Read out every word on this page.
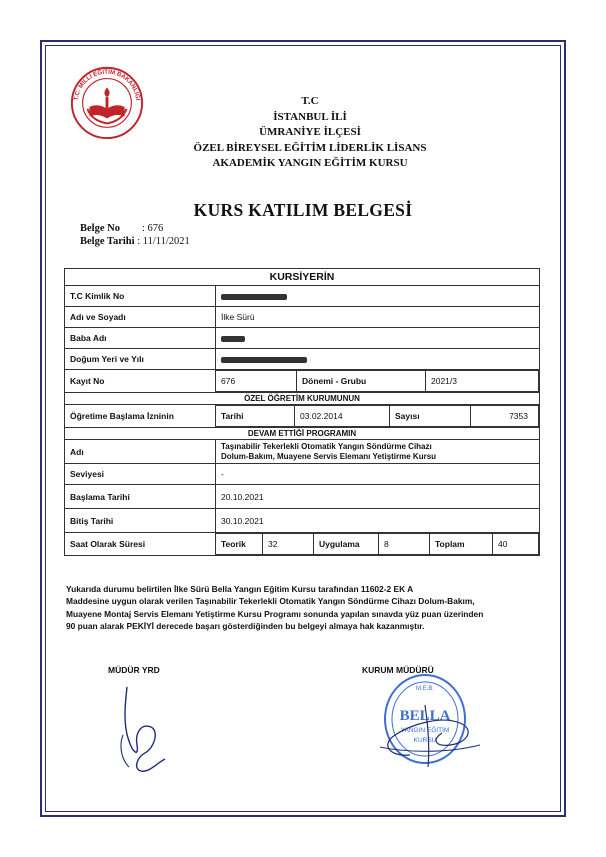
T.C. MİLLİ EĞİTİM BAKANLIĞI	T.C
İSTANBUL İLİ
ÜMRANİYE İLÇESİ
ÖZEL BİREYSEL EĞİTİM LİDERLİK LİSANS
AKADEMİK YANGIN EĞİTİM KURSU
KURS KATILIM BELGESİ
Belge No : 676
Belge Tarihi : 11/11/2021
KURSİYERİN
T.C Kimlik No	
Adı ve Soyadı	İlke Sürü
Baba Adı	
Doğum Yeri ve Yılı	
Kayıt No		676	Dönemi - Grubu	2021/3

ÖZEL ÖĞRETİM KURUMUNUN
Öğretime Başlama İzninin		Tarihi	03.02.2014	Sayısı	7353

DEVAM ETTİĞİ PROGRAMIN
Adı	
Taşınabilir Tekerlekli Otomatik Yangın Söndürme Cihazı
Dolum-Bakım, Muayene Servis Elemanı Yetiştirme Kursu

Seviyesi	-
Başlama Tarihi	20.10.2021
Bitiş Tarihi	30.10.2021
Saat Olarak Süresi		Teorik	32	Uygulama	8	Toplam	40
Yukarıda durumu belirtilen İlke Sürü Bella Yangın Eğitim Kursu tarafından 11602-2 EK A
Maddesine uygun olarak verilen Taşınabilir Tekerlekli Otomatik Yangın Söndürme Cihazı Dolum-Bakım,
Muayene Montaj Servis Elemanı Yetiştirme Kursu Programı sonunda yapılan sınavda yüz puan üzerinden
90 puan alarak PEKİYİ derecede başarı gösterdiğinden bu belgeyi almaya hak kazanmıştır.
MÜDÜR YRD	KURUM MÜDÜRÜ
M.E.B.
BELLA
YANGIN EĞİTİM
KURSU
